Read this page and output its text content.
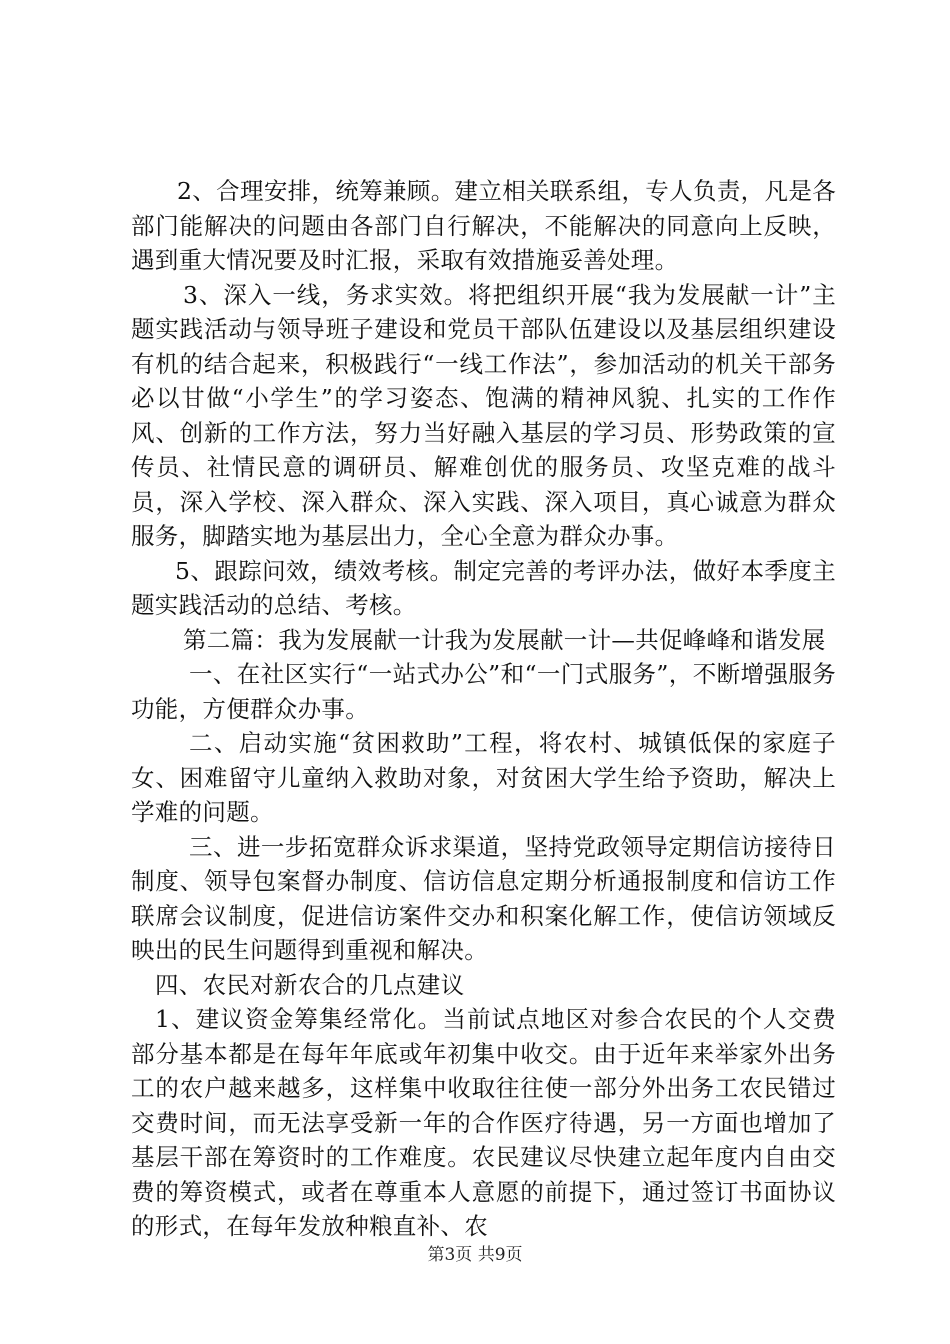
2、合理安排，统筹兼顾。建立相关联系组，专人负责，凡是各部门能解决的问题由各部门自行解决，不能解决的同意向上反映，遇到重大情况要及时汇报，采取有效措施妥善处理。

3、深入一线，务求实效。将把组织开展“我为发展献一计”主题实践活动与领导班子建设和党员干部队伍建设以及基层组织建设有机的结合起来，积极践行“一线工作法”，参加活动的机关干部务必以甘做“小学生”的学习姿态、饱满的精神风貌、扎实的工作作风、创新的工作方法，努力当好融入基层的学习员、形势政策的宣传员、社情民意的调研员、解难创优的服务员、攻坚克难的战斗员，深入学校、深入群众、深入实践、深入项目，真心诚意为群众服务，脚踏实地为基层出力，全心全意为群众办事。

5、跟踪问效，绩效考核。制定完善的考评办法，做好本季度主题实践活动的总结、考核。

第二篇：我为发展献一计我为发展献一计—共促峰峰和谐发展

一、在社区实行“一站式办公”和“一门式服务”，不断增强服务功能，方便群众办事。

二、启动实施“贫困救助”工程，将农村、城镇低保的家庭子女、困难留守儿童纳入救助对象，对贫困大学生给予资助，解决上学难的问题。

三、进一步拓宽群众诉求渠道，坚持党政领导定期信访接待日制度、领导包案督办制度、信访信息定期分析通报制度和信访工作联席会议制度，促进信访案件交办和积案化解工作，使信访领域反映出的民生问题得到重视和解决。

四、农民对新农合的几点建议

1、建议资金筹集经常化。当前试点地区对参合农民的个人交费部分基本都是在每年年底或年初集中收交。由于近年来举家外出务工的农户越来越多，这样集中收取往往使一部分外出务工农民错过交费时间，而无法享受新一年的合作医疗待遇，另一方面也增加了基层干部在筹资时的工作难度。农民建议尽快建立起年度内自由交费的筹资模式，或者在尊重本人意愿的前提下，通过签订书面协议的形式，在每年发放种粮直补、农

第3页 共9页
